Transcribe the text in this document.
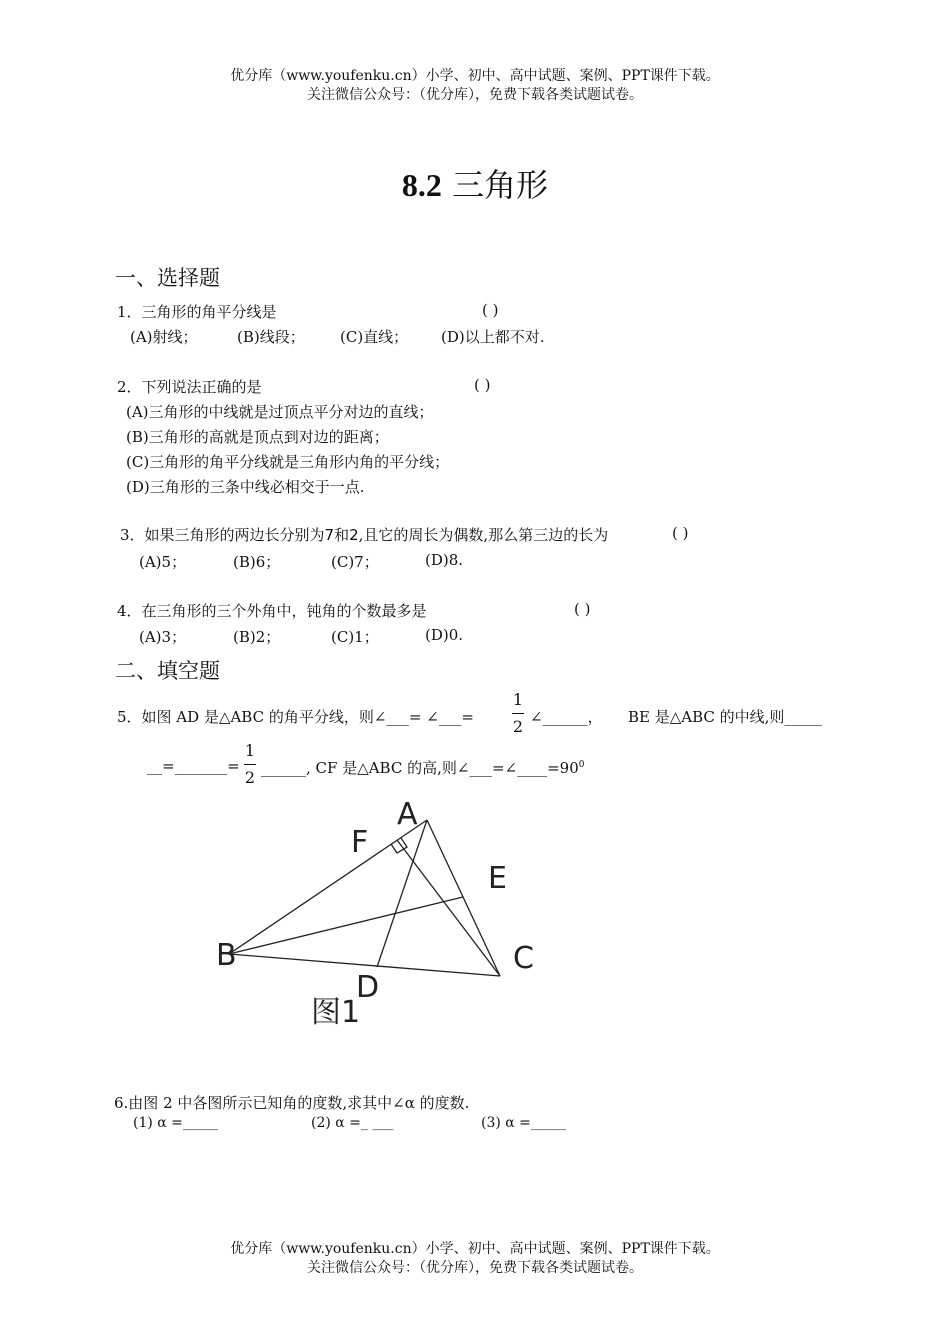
优分库（www.youfenku.cn）小学、初中、高中试题、案例、PPT课件下载。
关注微信公众号：（优分库），免费下载各类试题试卷。
8.2 三角形
一、选择题
1．三角形的角平分线是	( )
(A)射线；	(B)线段； (C)直线； (D)以上都不对.
2．下列说法正确的是	( )
(A)三角形的中线就是过顶点平分对边的直线；
(B)三角形的高就是顶点到对边的距离；
(C)三角形的角平分线就是三角形内角的平分线；
(D)三角形的三条中线必相交于一点.
3．如果三角形的两边长分别为7和2,且它的周长为偶数,那么第三边的长为	( )
(A)5；	(B)6；	(C)7；	(D)8.
4．在三角形的三个外角中，钝角的个数最多是	( )
(A)3；	(B)2；	(C)1；	(D)0.
二、填空题
5．如图 AD 是△ABC 的角平分线，则∠___= ∠___=
1
2 ∠______， BE 是△ABC 的中线,则_____
__=_______=
1
2 ______, CF 是△ABC 的高,则$\angle\_\_\_=\angle\_\_\_\_=90^0$
A
B	C
D
E
F
图1
6.由图 2 中各图所示已知角的度数,求其中∠α 的度数.
(1) α =_____	(2) α =_ ___	(3) α =_____
优分库（www.youfenku.cn）小学、初中、高中试题、案例、PPT课件下载。
关注微信公众号：（优分库），免费下载各类试题试卷。
